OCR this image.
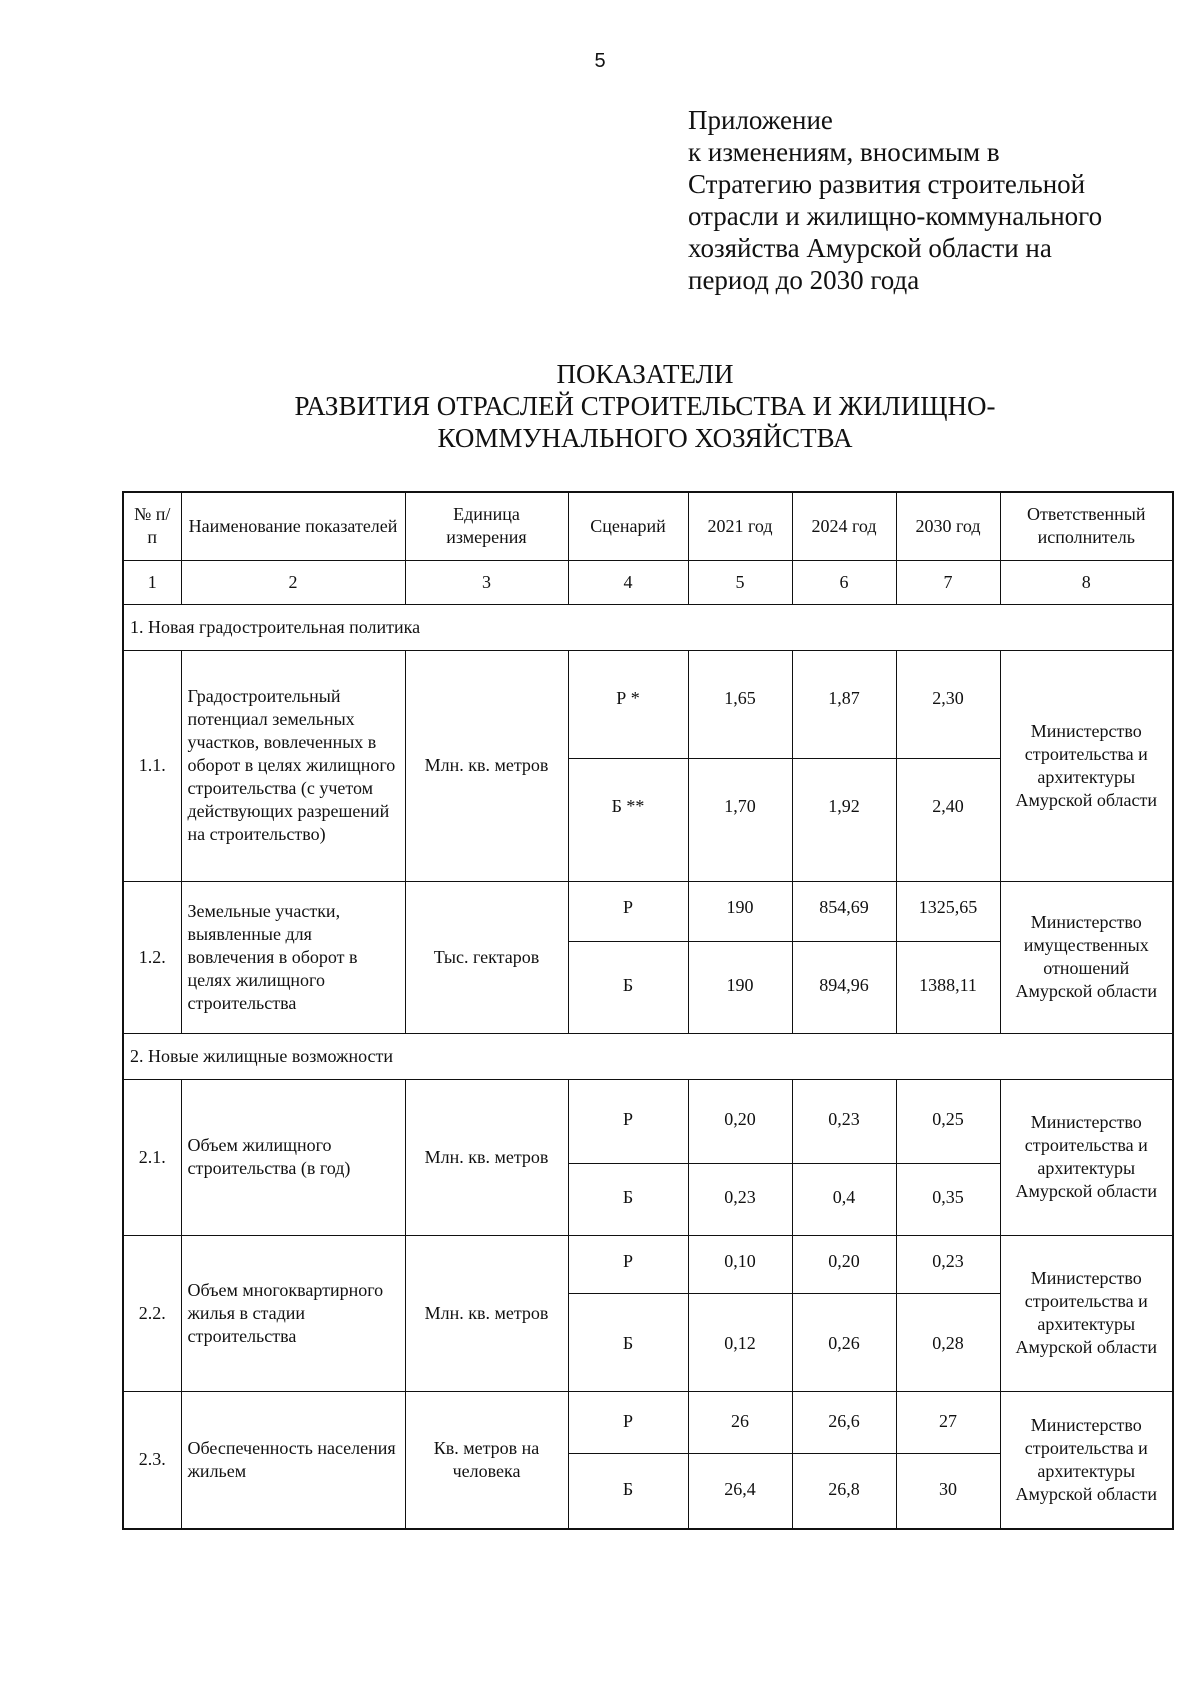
5
Приложение
к изменениям, вносимым в
Стратегию развития строительной
отрасли и жилищно-коммунального
хозяйства Амурской области на
период до 2030 года
ПОКАЗАТЕЛИ
РАЗВИТИЯ ОТРАСЛЕЙ СТРОИТЕЛЬСТВА И ЖИЛИЩНО-
КОММУНАЛЬНОГО ХОЗЯЙСТВА
№ п/п	Наименование показателей	Единица измерения	Сценарий	2021 год	2024 год	2030 год	Ответственный исполнитель
1	2	3	4	5	6	7	8
1. Новая градостроительная политика							
1.1.	Градостроительный потенциал земельных участков, вовлеченных в оборот в целях жилищного строительства (с учетом действующих разрешений на строительство)	Млн. кв. метров	Р *	1,65	1,87	2,30	Министерство строительства и архитектуры Амурской области
			Б **	1,70	1,92	2,40	
1.2.	Земельные участки, выявленные для вовлечения в оборот в целях жилищного строительства	Тыс. гектаров	Р	190	854,69	1325,65	Министерство имущественных отношений Амурской области
			Б	190	894,96	1388,11	
2. Новые жилищные возможности							
2.1.	Объем жилищного строительства (в год)	Млн. кв. метров	Р	0,20	0,23	0,25	Министерство строительства и архитектуры Амурской области
			Б	0,23	0,4	0,35	
2.2.	Объем многоквартирного жилья в стадии строительства	Млн. кв. метров	Р	0,10	0,20	0,23	Министерство строительства и архитектуры Амурской области
			Б	0,12	0,26	0,28	
2.3.	Обеспеченность населения жильем	Кв. метров на человека	Р	26	26,6	27	Министерство строительства и архитектуры Амурской области
			Б	26,4	26,8	30	
